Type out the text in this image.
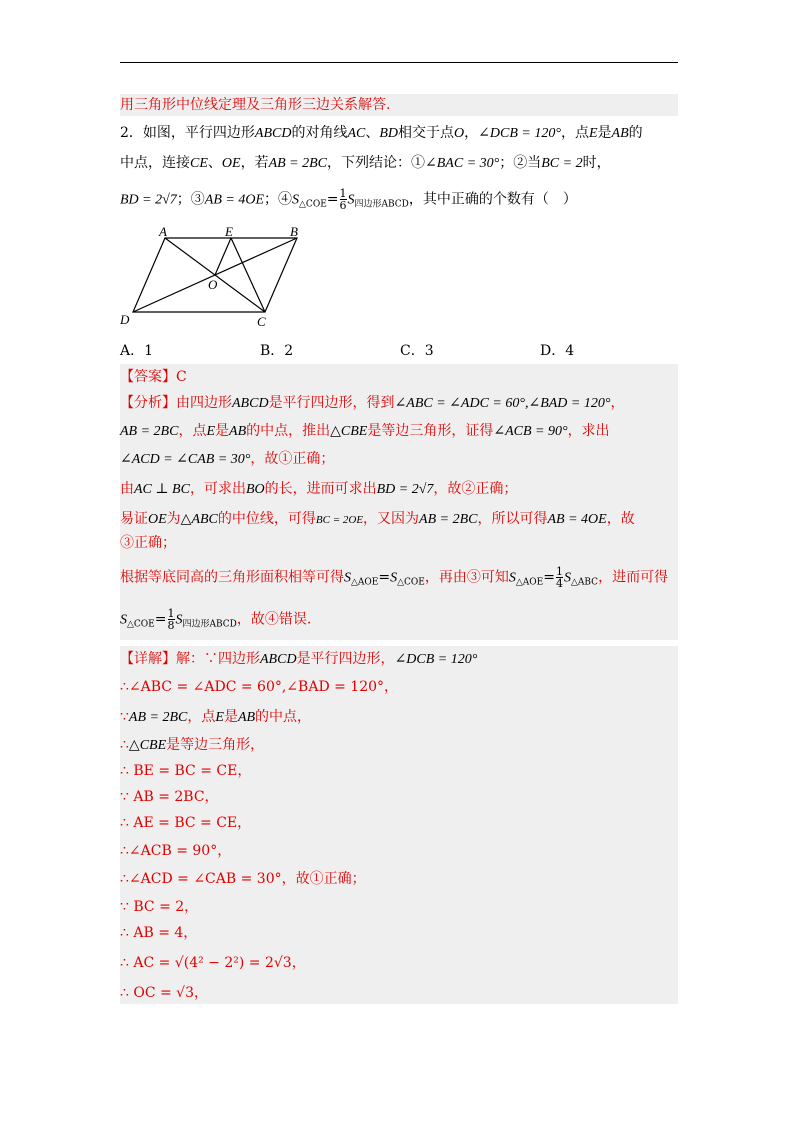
用三角形中位线定理及三角形三边关系解答.
2．如图，平行四边形ABCD的对角线AC、BD相交于点O，∠DCB = 120°，点E是AB的
中点，连接CE、OE，若AB = 2BC，下列结论：①∠BAC = 30°；②当BC = 2时，
BD = 2√7；③AB = 4OE；$④S_{\triangle COE}= \frac{1}{6} S_{四边形ABCD}$，其中正确的个数有（　）
A	E	B
O
D	C
A．1	B．2	C．3	D．4
【答案】C
【分析】由四边形ABCD是平行四边形，得到∠ABC = ∠ADC = 60°,∠BAD = 120°，
AB = 2BC，点E是AB的中点，推出△CBE是等边三角形，证得∠ACB = 90°，求出
∠ACD = ∠CAB = 30°，故①正确；
由AC ⊥ BC，可求出BO的长，进而可求出BD = 2√7，故②正确；
易证OE为△ABC的中位线，可得BC = 2OE，又因为AB = 2BC，所以可得AB = 4OE，故
③正确；
根据等底同高的三角形面积相等可得$S_{\triangle AOE}=S_{\triangle COE}$，再由③可知$S_{\triangle AOE}= \frac{1}{4} S_{\triangle ABC}$，进而可得
$S_{\triangle COE}= \frac{1}{8} S_{四边形ABCD}$，故④错误.
【详解】解：∵四边形ABCD是平行四边形，∠DCB = 120°
∴∠ABC = ∠ADC = 60°,∠BAD = 120°，
∵AB = 2BC，点E是AB的中点，
∴△CBE是等边三角形，
∴ BE = BC = CE，
∵ AB = 2BC，
∴ AE = BC = CE，
∴∠ACB = 90°，
∴∠ACD = ∠CAB = 30°，故①正确；
∵ BC = 2，
∴ AB = 4，
∴ AC = √(4² − 2²) = 2√3，
∴ OC = √3，
